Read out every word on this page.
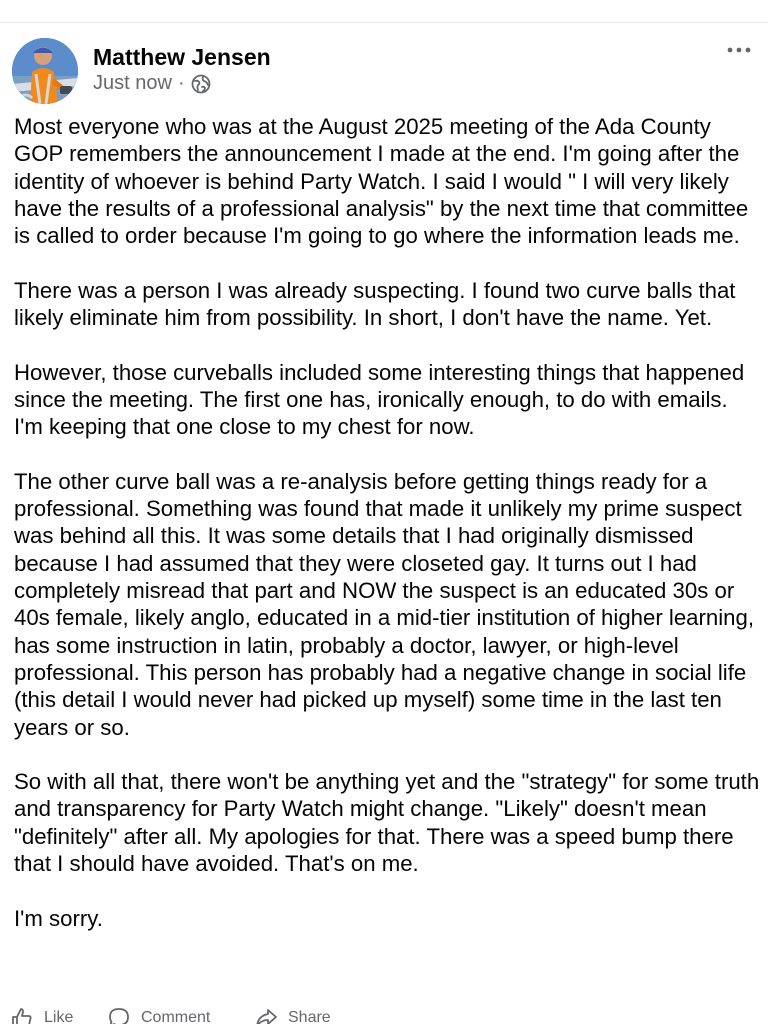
Matthew Jensen
Just now ·

Most everyone who was at the August 2025 meeting of the Ada County GOP remembers the announcement I made at the end. I'm going after the identity of whoever is behind Party Watch. I said I would " I will very likely have the results of a professional analysis" by the next time that committee is called to order because I'm going to go where the information leads me.

There was a person I was already suspecting. I found two curve balls that likely eliminate him from possibility. In short, I don't have the name. Yet.

However, those curveballs included some interesting things that happened since the meeting. The first one has, ironically enough, to do with emails. I'm keeping that one close to my chest for now.

The other curve ball was a re-analysis before getting things ready for a professional. Something was found that made it unlikely my prime suspect was behind all this. It was some details that I had originally dismissed because I had assumed that they were closeted gay. It turns out I had completely misread that part and NOW the suspect is an educated 30s or 40s female, likely anglo, educated in a mid-tier institution of higher learning, has some instruction in latin, probably a doctor, lawyer, or high-level professional. This person has probably had a negative change in social life (this detail I would never had picked up myself) some time in the last ten years or so.

So with all that, there won't be anything yet and the "strategy" for some truth and transparency for Party Watch might change. "Likely" doesn't mean "definitely" after all. My apologies for that. There was a speed bump there that I should have avoided. That's on me.

I'm sorry.

Like	Comment	Share
